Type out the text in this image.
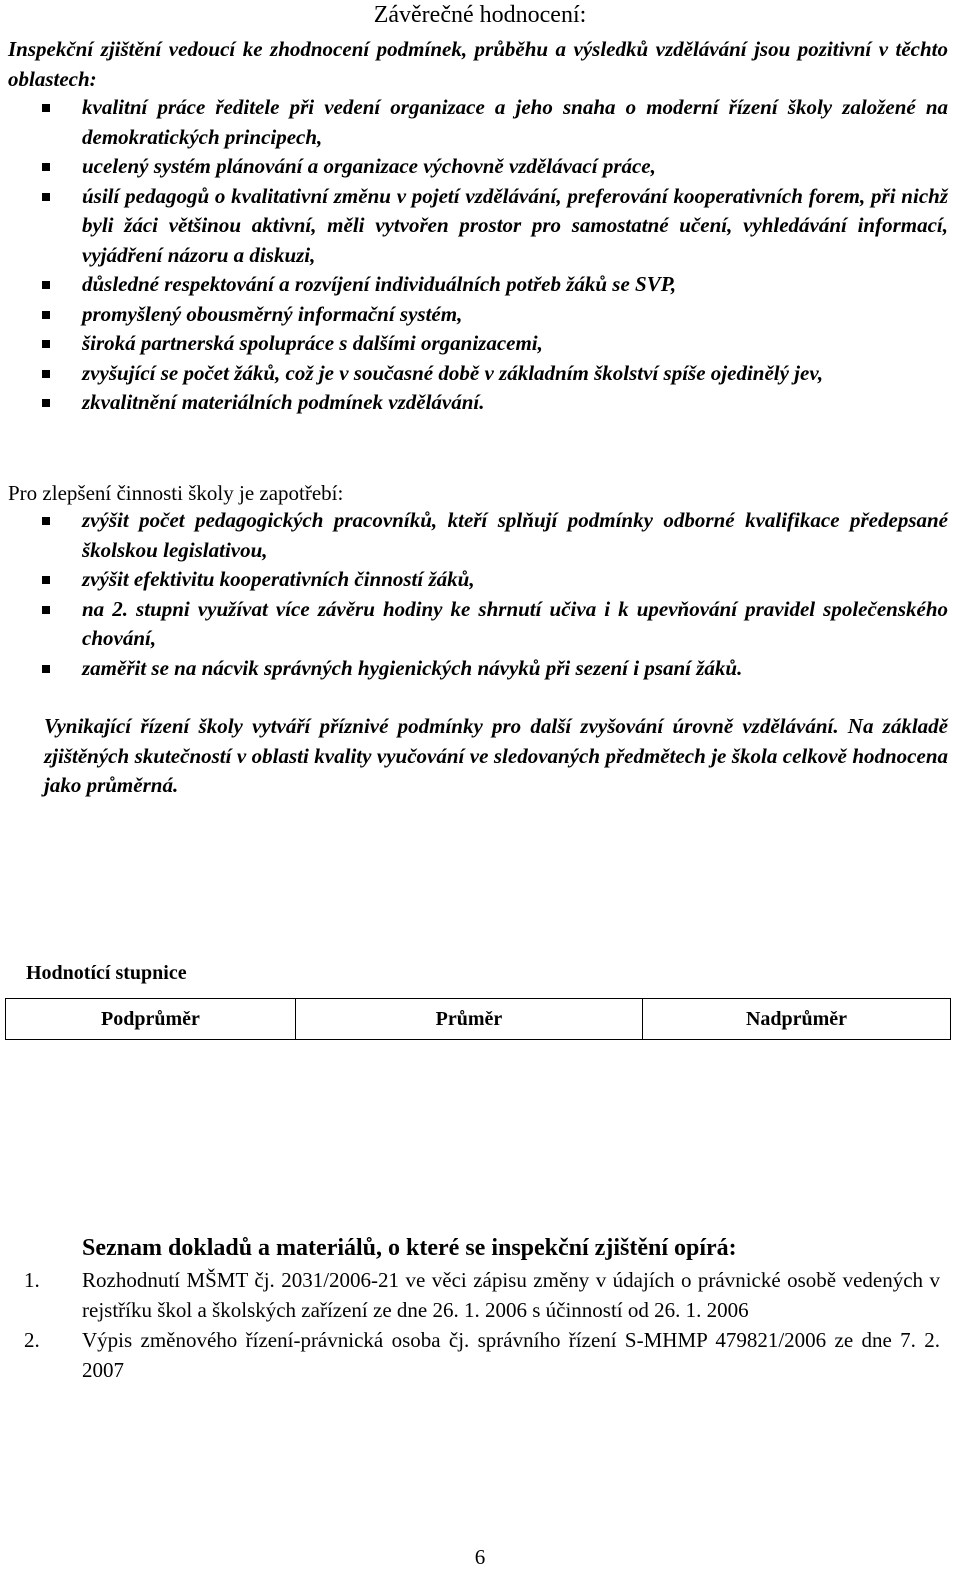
Závěrečné hodnocení:
Inspekční zjištění vedoucí ke zhodnocení podmínek, průběhu a výsledků vzdělávání jsou pozitivní v těchto oblastech:
kvalitní práce ředitele při vedení organizace a jeho snaha o moderní řízení školy založené na demokratických principech,
ucelený systém plánování a organizace výchovně vzdělávací práce,
úsilí pedagogů o kvalitativní změnu v pojetí vzdělávání, preferování kooperativních forem, při nichž byli žáci většinou aktivní, měli vytvořen prostor pro samostatné učení, vyhledávání informací, vyjádření názoru a diskuzi,
důsledné respektování a rozvíjení individuálních potřeb žáků se SVP,
promyšlený obousměrný informační systém,
široká partnerská spolupráce s dalšími organizacemi,
zvyšující se počet žáků, což je v současné době v základním školství spíše ojedinělý jev,
zkvalitnění materiálních podmínek vzdělávání.
Pro zlepšení činnosti školy je zapotřebí:
zvýšit počet pedagogických pracovníků, kteří splňují podmínky odborné kvalifikace předepsané školskou legislativou,
zvýšit efektivitu kooperativních činností žáků,
na 2. stupni využívat více závěru hodiny ke shrnutí učiva i k upevňování pravidel společenského chování,
zaměřit se na nácvik správných hygienických návyků při sezení i psaní žáků.
Vynikající řízení školy vytváří příznivé podmínky pro další zvyšování úrovně vzdělávání. Na základě zjištěných skutečností v oblasti kvality vyučování ve sledovaných předmětech je škola celkově hodnocena jako průměrná.
Hodnotící stupnice
Podprůměr	Průměr	Nadprůměr
Seznam dokladů a materiálů, o které se inspekční zjištění opírá:
1. Rozhodnutí MŠMT čj. 2031/2006-21 ve věci zápisu změny v údajích o právnické osobě vedených v rejstříku škol a školských zařízení ze dne 26. 1. 2006 s účinností od 26. 1. 2006
2. Výpis změnového řízení-právnická osoba čj. správního řízení S-MHMP 479821/2006 ze dne 7. 2. 2007
6
